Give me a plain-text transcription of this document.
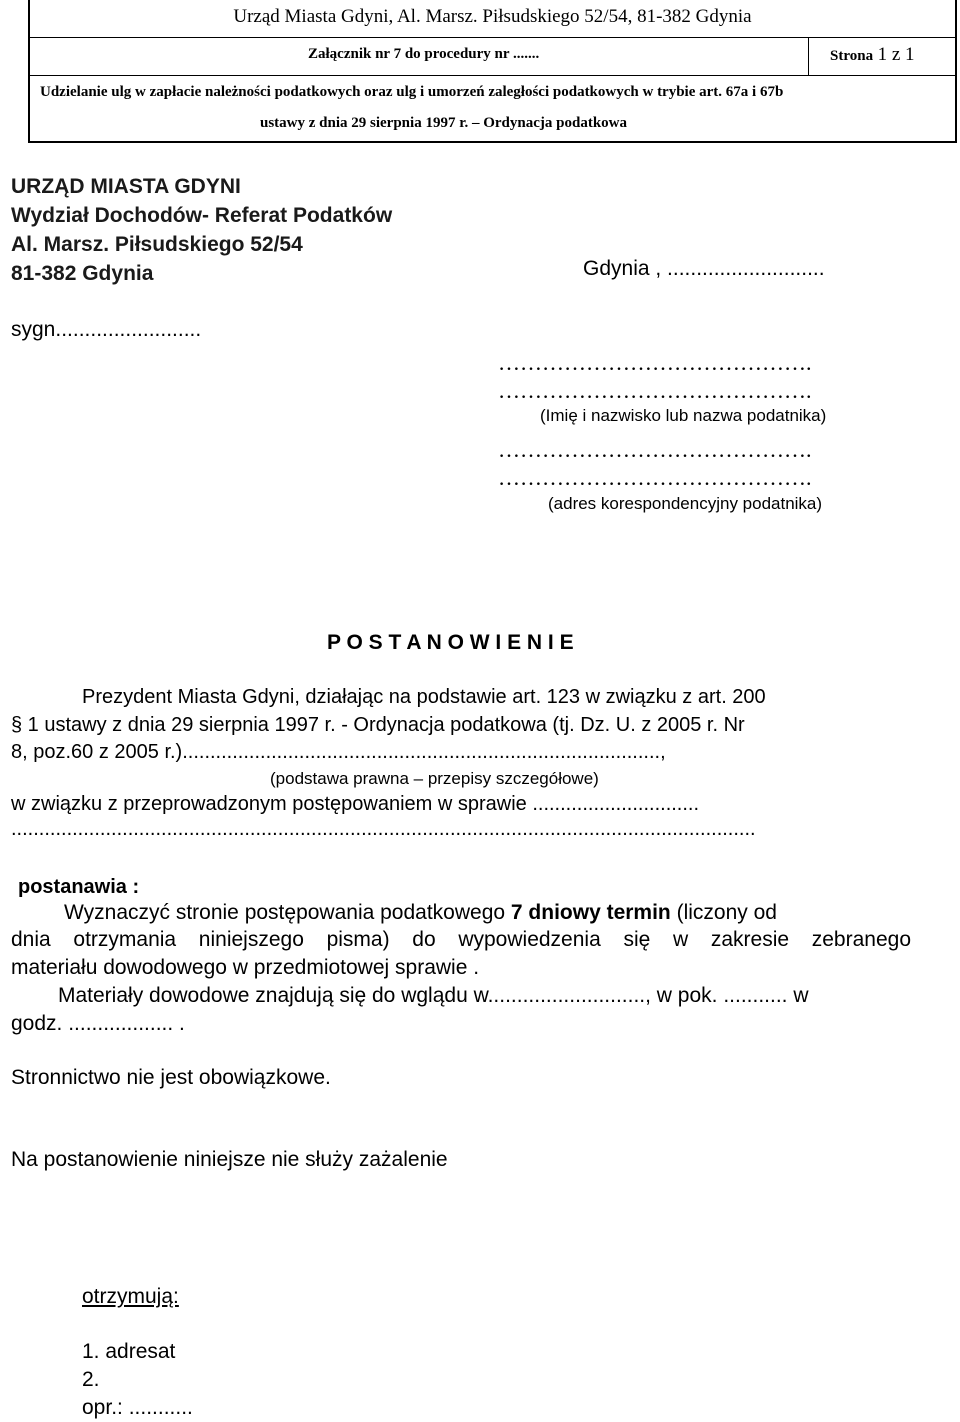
Urząd Miasta Gdyni, Al. Marsz. Piłsudskiego 52/54, 81-382 Gdynia
Załącznik nr 7 do procedury nr .......	Strona 1 z 1
Udzielanie ulg w zapłacie należności podatkowych oraz ulg i umorzeń zaległości podatkowych w trybie art. 67a i 67b
ustawy z dnia 29 sierpnia 1997 r. – Ordynacja podatkowa
URZĄD MIASTA GDYNI
Wydział Dochodów- Referat Podatków
Al. Marsz. Piłsudskiego 52/54
81-382 Gdynia	Gdynia , ...........................
sygn.........................
…………………………………….
…………………………………….
(Imię i nazwisko lub nazwa podatnika)
…………………………………….
…………………………………….
(adres korespondencyjny podatnika)
P O S T A N O W I E N I E
Prezydent Miasta Gdyni, działając na podstawie art. 123 w związku z art. 200
§ 1 ustawy z dnia 29 sierpnia 1997 r. - Ordynacja podatkowa (tj. Dz. U. z 2005 r. Nr
8, poz.60 z 2005 r.)......................................................................................,
(podstawa prawna – przepisy szczegółowe)
w związku z przeprowadzonym postępowaniem w sprawie ..............................
......................................................................................................................................
postanawia :
Wyznaczyć stronie postępowania podatkowego 7 dniowy termin (liczony od
dnia otrzymania niniejszego pisma) do wypowiedzenia się w zakresie zebranego
materiału dowodowego w przedmiotowej sprawie .
Materiały dowodowe znajdują się do wglądu w..........................., w pok. ........... w
godz. .................. .
Stronnictwo nie jest obowiązkowe.
Na postanowienie niniejsze nie służy zażalenie
otrzymują:
1. adresat
2.
opr.: ...........
